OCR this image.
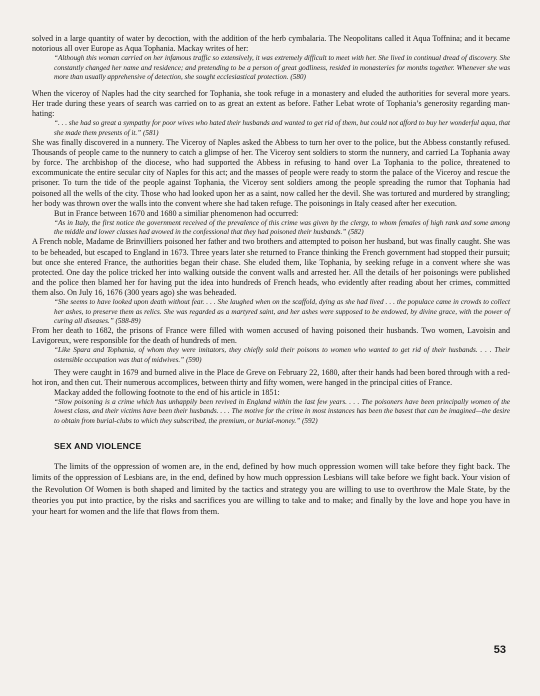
solved in a large quantity of water by decoction, with the addition of the herb cymbalaria. The Neopolitans called it Aqua Toffnina; and it became notorious all over Europe as Aqua Tophania. Mackay writes of her:

“Although this woman carried on her infamous traffic so extensively, it was extremely difficult to meet with her. She lived in continual dread of discovery. She constantly changed her name and residence; and pretending to be a person of great godliness, resided in monasteries for months together. Whenever she was more than usually apprehensive of detection, she sought ecclesiastical protection. (580)

When the viceroy of Naples had the city searched for Tophania, she took refuge in a monastery and eluded the authorities for several more years. Her trade during these years of search was carried on to as great an extent as before. Father Lebat wrote of Tophania’s generosity regarding man-hating:

“. . . she had so great a sympathy for poor wives who hated their husbands and wanted to get rid of them, but could not afford to buy her wonderful aqua, that she made them presents of it.” (581)

She was finally discovered in a nunnery. The Viceroy of Naples asked the Abbess to turn her over to the police, but the Abbess constantly refused. Thousands of people came to the nunnery to catch a glimpse of her. The Viceroy sent soldiers to storm the nunnery, and carried La Tophania away by force. The archbishop of the diocese, who had supported the Abbess in refusing to hand over La Tophania to the police, threatened to excommunicate the entire secular city of Naples for this act; and the masses of people were ready to storm the palace of the Viceroy and rescue the prisoner. To turn the tide of the people against Tophania, the Viceroy sent soldiers among the people spreading the rumor that Tophania had poisoned all the wells of the city. Those who had looked upon her as a saint, now called her the devil. She was tortured and murdered by strangling; her body was thrown over the walls into the convent where she had taken refuge. The poisonings in Italy ceased after her execution.

But in France between 1670 and 1680 a similiar phenomenon had occurred:

“As in Italy, the first notice the government received of the prevalence of this crime was given by the clergy, to whom females of high rank and some among the middle and lower classes had avowed in the confessional that they had poisoned their husbands.” (582)

A French noble, Madame de Brinvilliers poisoned her father and two brothers and attempted to poison her husband, but was finally caught. She was to be beheaded, but escaped to England in 1673. Three years later she returned to France thinking the French government had stopped their pursuit; but once she entered France, the authorities began their chase. She eluded them, like Tophania, by seeking refuge in a convent where she was protected. One day the police tricked her into walking outside the convent walls and arrested her. All the details of her poisonings were published and the police then blamed her for having put the idea into hundreds of French heads, who evidently after reading about her crimes, committed them also. On July 16, 1676 (300 years ago) she was beheaded.

“She seems to have looked upon death without fear. . . . She laughed when on the scaffold, dying as she had lived . . . the populace came in crowds to collect her ashes, to preserve them as relics. She was regarded as a martyred saint, and her ashes were supposed to be endowed, by divine grace, with the power of curing all diseases.” (588-89)

From her death to 1682, the prisons of France were filled with women accused of having poisoned their husbands. Two women, Lavoisin and Lavigoreux, were responsible for the death of hundreds of men.

“Like Spara and Tophania, of whom they were imitators, they chiefly sold their poisons to women who wanted to get rid of their husbands. . . . Their ostensible occupation was that of midwives.” (590)

They were caught in 1679 and burned alive in the Place de Greve on February 22, 1680, after their hands had been bored through with a red-hot iron, and then cut. Their numerous accomplices, between thirty and fifty women, were hanged in the principal cities of France.

Mackay added the following footnote to the end of his article in 1851:

“Slow poisoning is a crime which has unhappily been revived in England within the last few years. . . . The poisoners have been principally women of the lowest class, and their victims have been their husbands. . . . The motive for the crime in most instances has been the basest that can be imagined—the desire to obtain from burial-clubs to which they subscribed, the premium, or burial-money.” (592)

SEX AND VIOLENCE

The limits of the oppression of women are, in the end, defined by how much oppression women will take before they fight back. The limits of the oppression of Lesbians are, in the end, defined by how much oppression Lesbians will take before we fight back. Your vision of the Revolution Of Women is both shaped and limited by the tactics and strategy you are willing to use to overthrow the Male State, by the theories you put into practice, by the risks and sacrifices you are willing to take and to make; and finally by the love and hope you have in your heart for women and the life that flows from them.

53
